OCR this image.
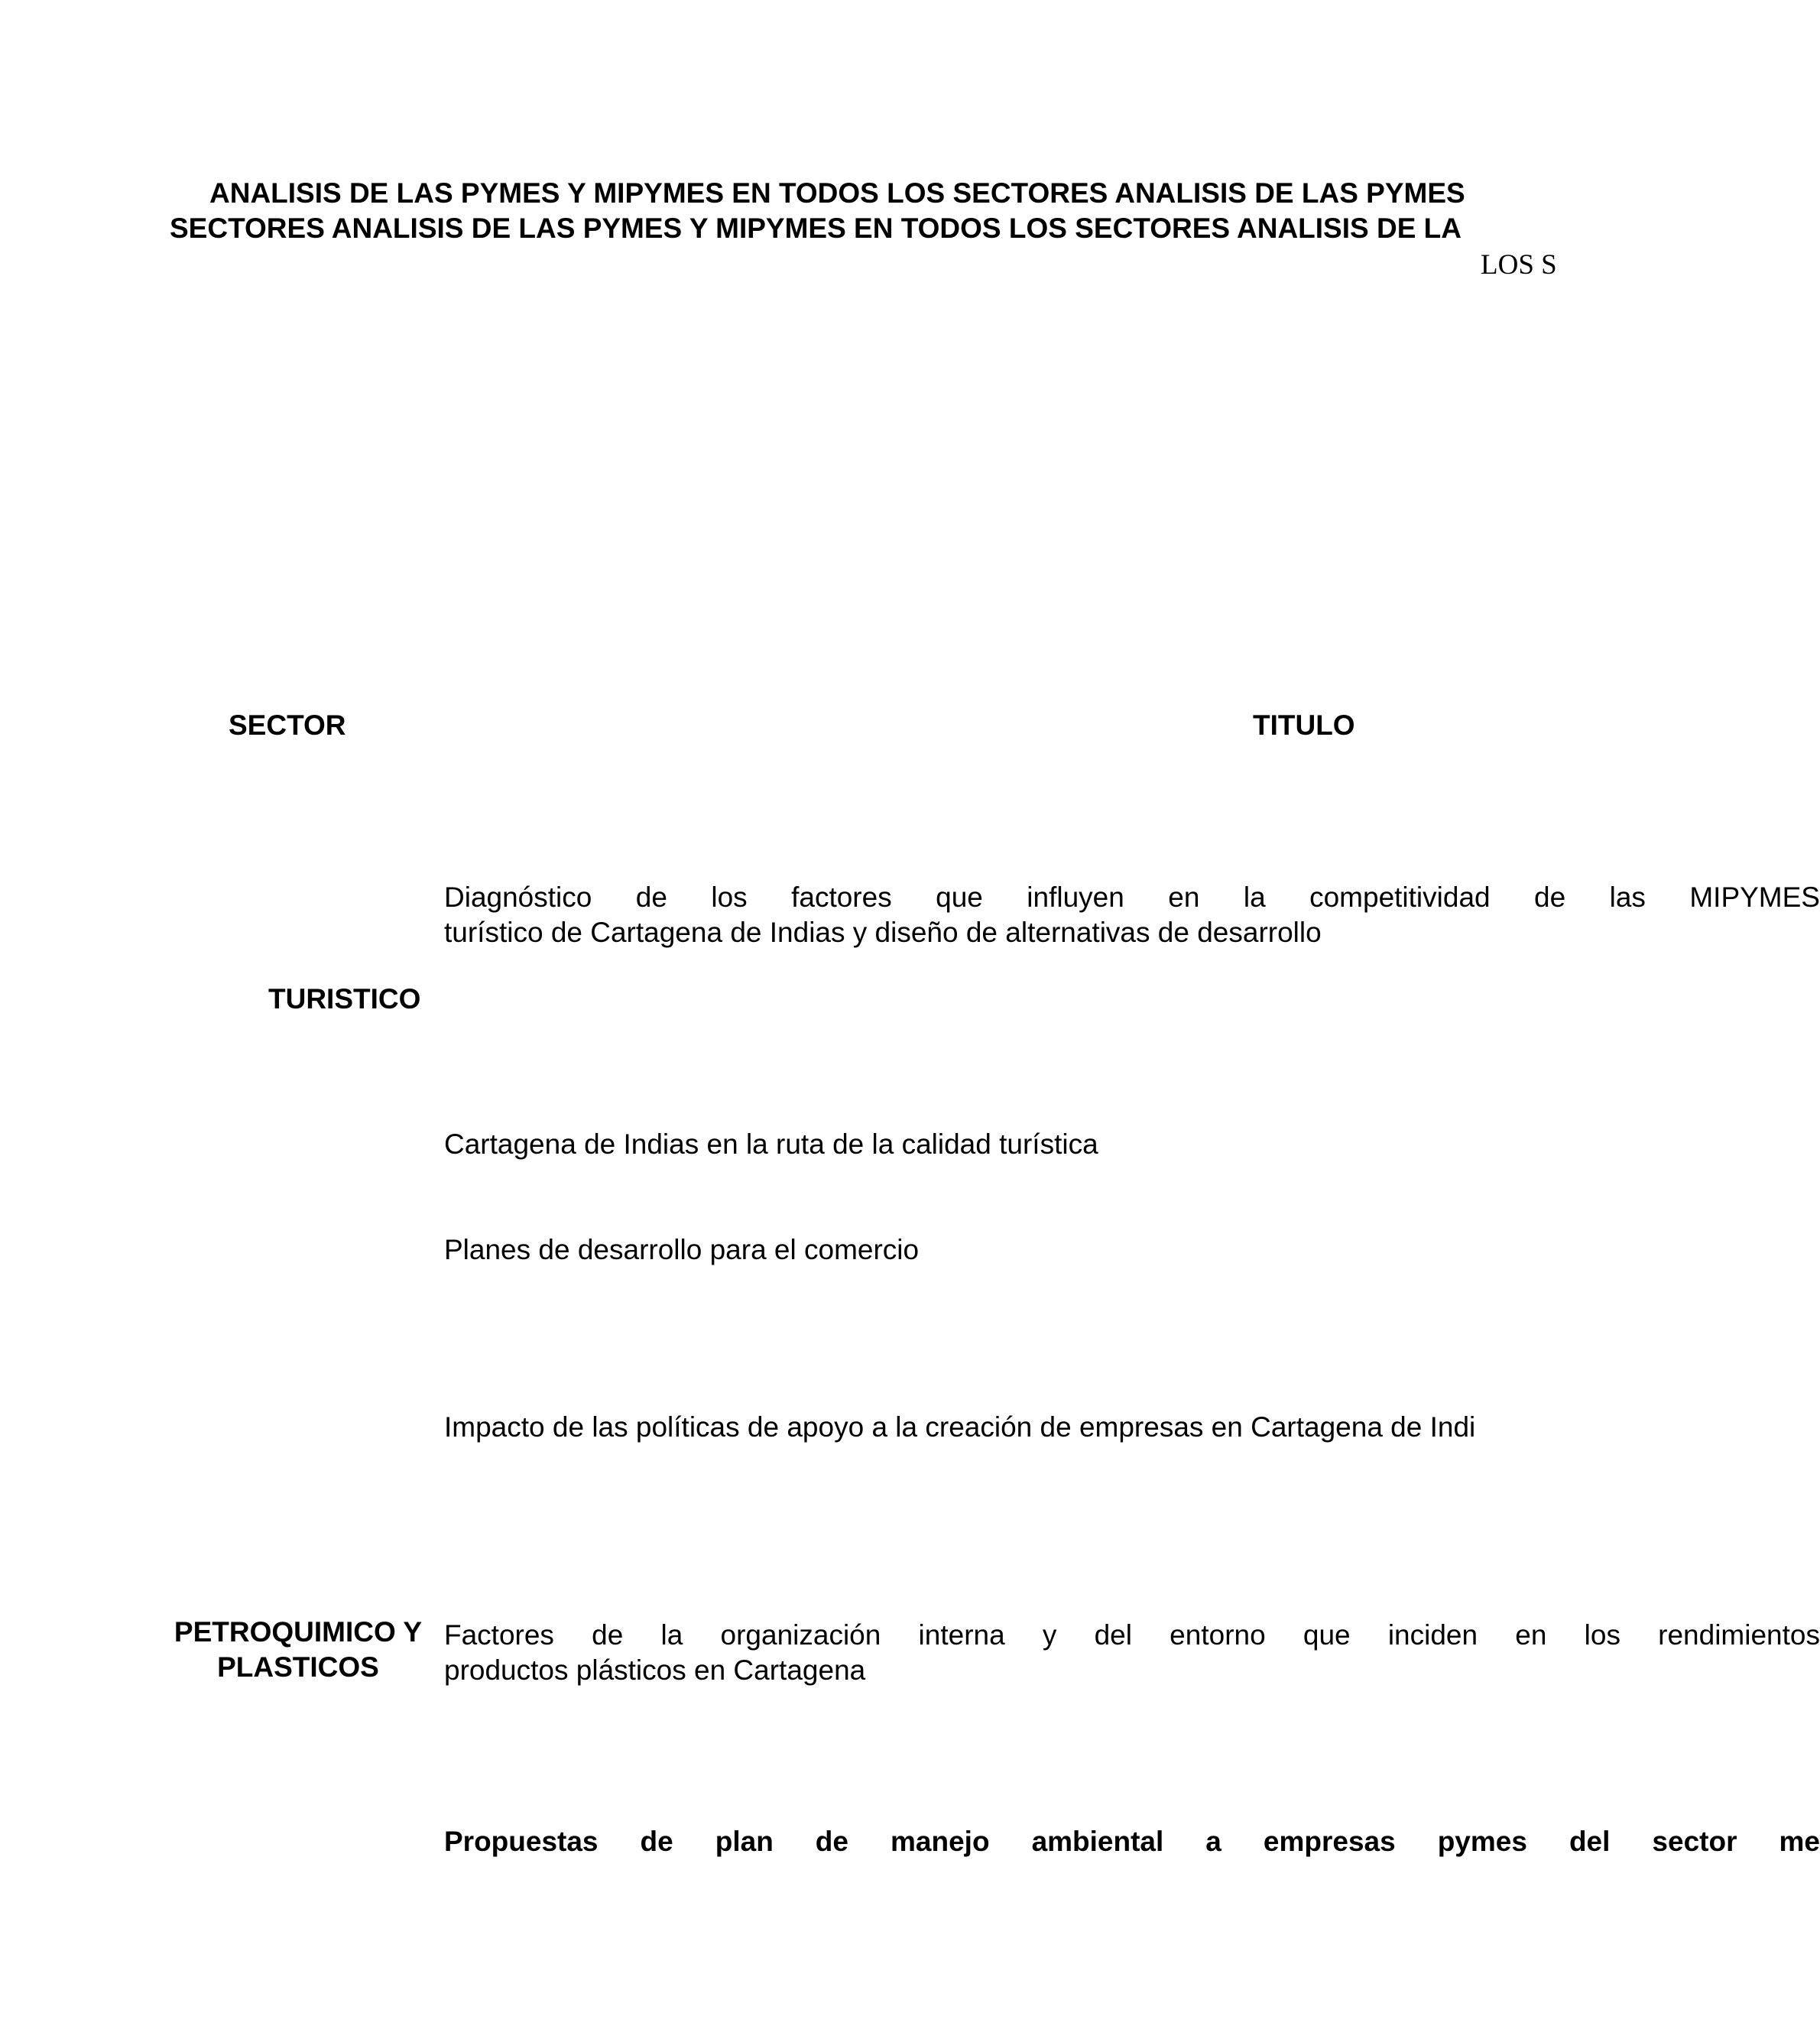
ANALISIS DE LAS PYMES Y MIPYMES EN TODOS LOS SECTORES ANALISIS DE LAS PYMES
SECTORES ANALISIS DE LAS PYMES Y MIPYMES EN TODOS LOS SECTORES ANALISIS DE LA
LOS S
SECTOR	TITULO
Diagnóstico de los factores que influyen en la competitividad de las MIPYMES
turístico de Cartagena de Indias y diseño de alternativas de desarrollo
TURISTICO
Cartagena de Indias en la ruta de la calidad turística
Planes de desarrollo para el comercio
Impacto de las políticas de apoyo a la creación de empresas en Cartagena de Indi
PETROQUIMICO Y
PLASTICOS
Factores de la organización interna y del entorno que inciden en los rendimientos
productos plásticos en Cartagena
Propuestas de plan de manejo ambiental a empresas pymes del sector me
